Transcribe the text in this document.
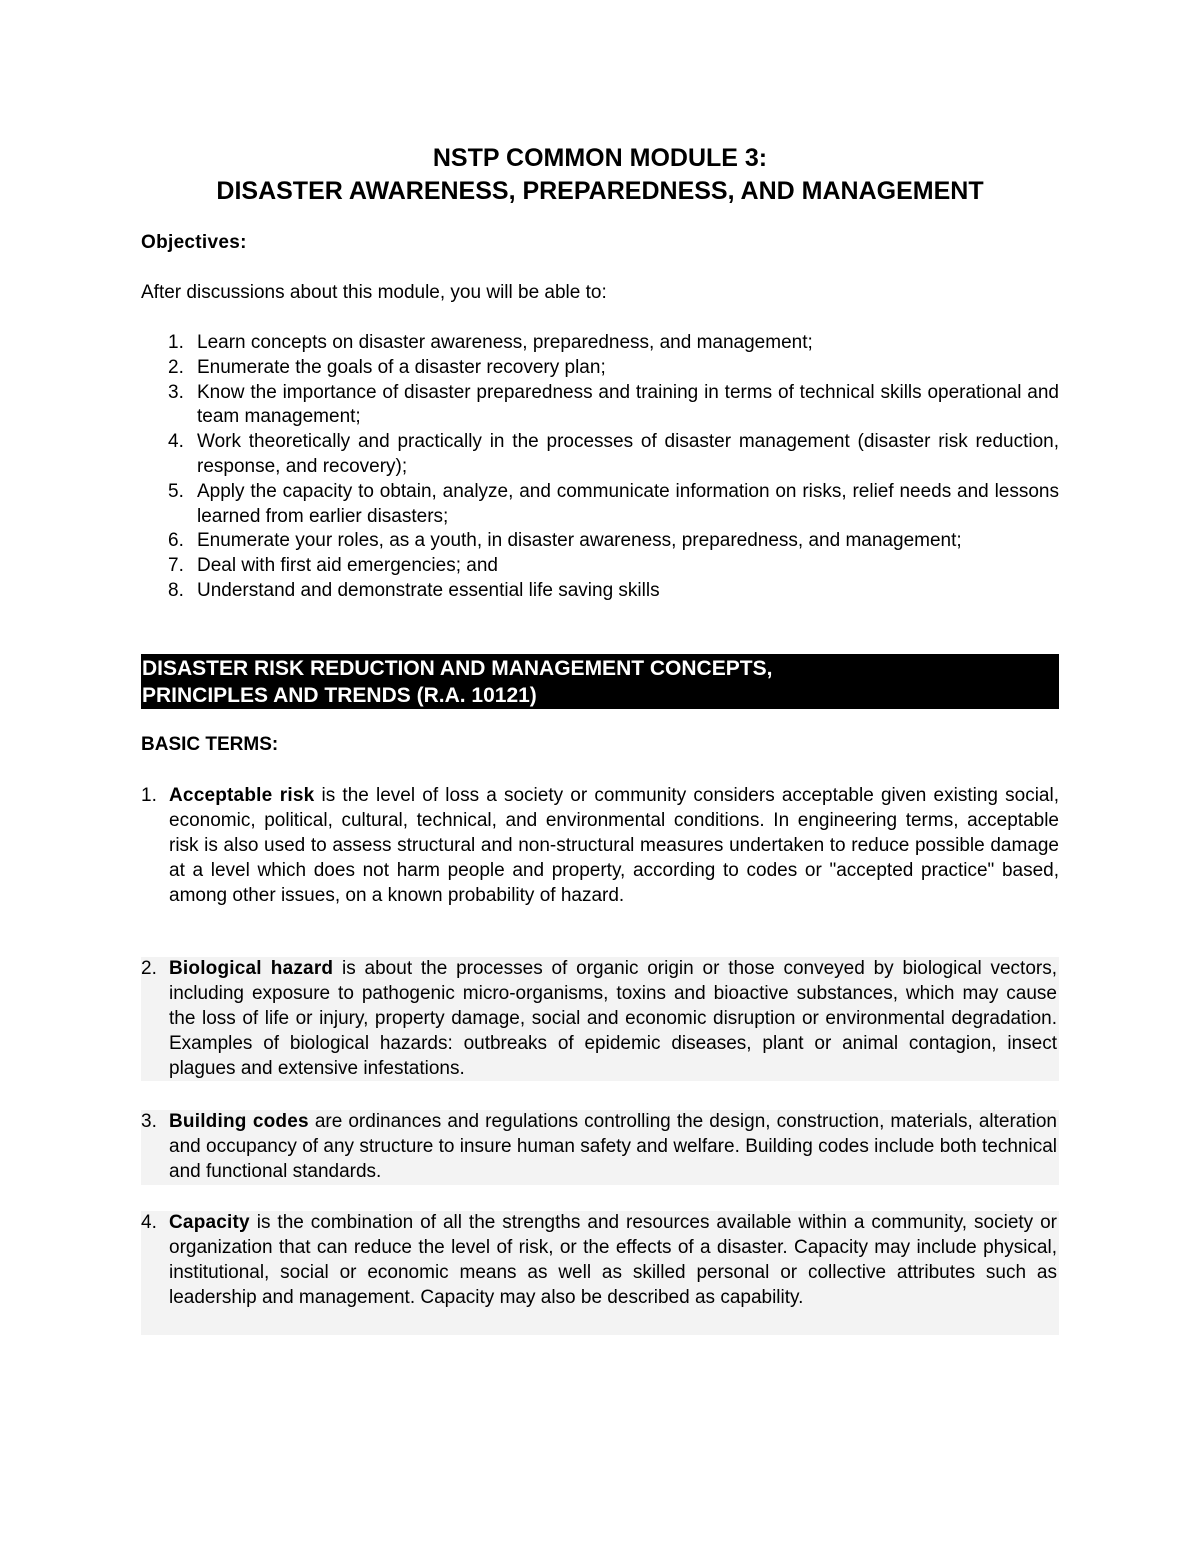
NSTP COMMON MODULE 3:
DISASTER AWARENESS, PREPAREDNESS, AND MANAGEMENT
Objectives:
After discussions about this module, you will be able to:
1. Learn concepts on disaster awareness, preparedness, and management;
2. Enumerate the goals of a disaster recovery plan;
3. Know the importance of disaster preparedness and training in terms of technical skills operational and team management;
4. Work theoretically and practically in the processes of disaster management (disaster risk reduction, response, and recovery);
5. Apply the capacity to obtain, analyze, and communicate information on risks, relief needs and lessons learned from earlier disasters;
6. Enumerate your roles, as a youth, in disaster awareness, preparedness, and management;
7. Deal with first aid emergencies; and
8. Understand and demonstrate essential life saving skills
DISASTER RISK REDUCTION AND MANAGEMENT CONCEPTS,
PRINCIPLES AND TRENDS (R.A. 10121)
BASIC TERMS:
1. Acceptable risk is the level of loss a society or community considers acceptable given existing social, economic, political, cultural, technical, and environmental conditions. In engineering terms, acceptable risk is also used to assess structural and non-structural measures undertaken to reduce possible damage at a level which does not harm people and property, according to codes or "accepted practice" based, among other issues, on a known probability of hazard.
2. Biological hazard is about the processes of organic origin or those conveyed by biological vectors, including exposure to pathogenic micro-organisms, toxins and bioactive substances, which may cause the loss of life or injury, property damage, social and economic disruption or environmental degradation. Examples of biological hazards: outbreaks of epidemic diseases, plant or animal contagion, insect plagues and extensive infestations.
3. Building codes are ordinances and regulations controlling the design, construction, materials, alteration and occupancy of any structure to insure human safety and welfare. Building codes include both technical and functional standards.
4. Capacity is the combination of all the strengths and resources available within a community, society or organization that can reduce the level of risk, or the effects of a disaster. Capacity may include physical, institutional, social or economic means as well as skilled personal or collective attributes such as leadership and management. Capacity may also be described as capability.
